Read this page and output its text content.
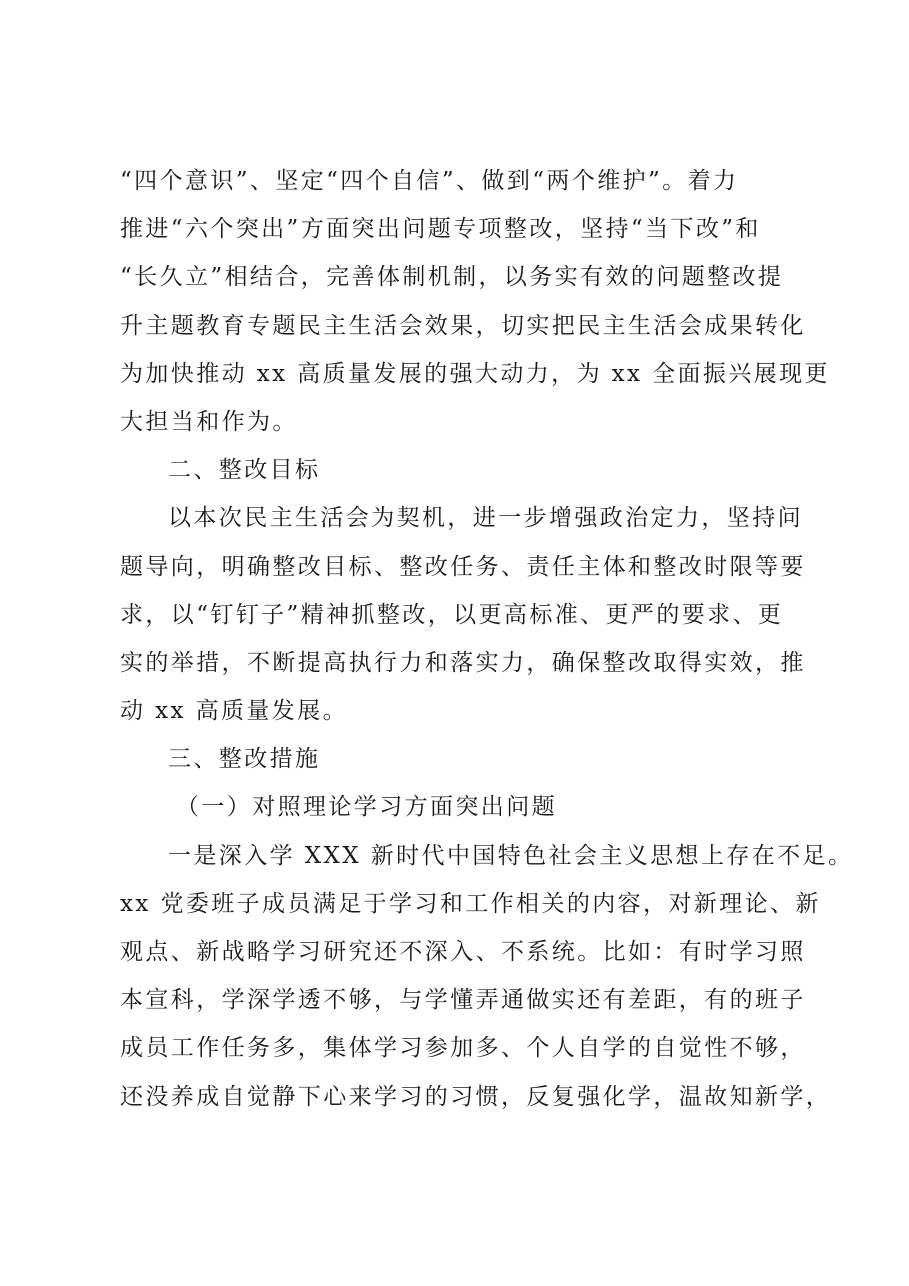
“四个意识”、坚定“四个自信”、做到“两个维护”。着力
推进“六个突出”方面突出问题专项整改，坚持“当下改”和
“长久立”相结合，完善体制机制，以务实有效的问题整改提
升主题教育专题民主生活会效果，切实把民主生活会成果转化
为加快推动 xx 高质量发展的强大动力，为 xx 全面振兴展现更
大担当和作为。
二、整改目标
以本次民主生活会为契机，进一步增强政治定力，坚持问
题导向，明确整改目标、整改任务、责任主体和整改时限等要
求，以“钉钉子”精神抓整改，以更高标准、更严的要求、更
实的举措，不断提高执行力和落实力，确保整改取得实效，推
动 xx 高质量发展。
三、整改措施
（一）对照理论学习方面突出问题
一是深入学 XXX 新时代中国特色社会主义思想上存在不足。
xx 党委班子成员满足于学习和工作相关的内容，对新理论、新
观点、新战略学习研究还不深入、不系统。比如：有时学习照
本宣科，学深学透不够，与学懂弄通做实还有差距，有的班子
成员工作任务多，集体学习参加多、个人自学的自觉性不够，
还没养成自觉静下心来学习的习惯，反复强化学，温故知新学，
